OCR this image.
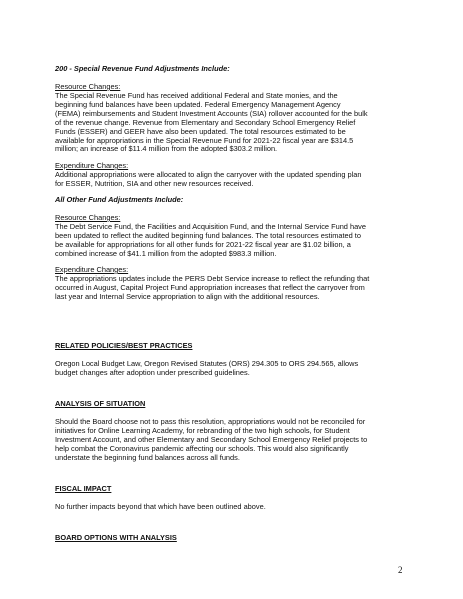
200 - Special Revenue Fund Adjustments Include:

Resource Changes:

The Special Revenue Fund has received additional Federal and State monies, and the
beginning fund balances have been updated. Federal Emergency Management Agency
(FEMA) reimbursements and Student Investment Accounts (SIA) rollover accounted for the bulk
of the revenue change. Revenue from Elementary and Secondary School Emergency Relief
Funds (ESSER) and GEER have also been updated. The total resources estimated to be
available for appropriations in the Special Revenue Fund for 2021-22 fiscal year are $314.5
million; an increase of $11.4 million from the adopted $303.2 million.

Expenditure Changes:

Additional appropriations were allocated to align the carryover with the updated spending plan
for ESSER, Nutrition, SIA and other new resources received.

All Other Fund Adjustments Include:

Resource Changes:

The Debt Service Fund, the Facilities and Acquisition Fund, and the Internal Service Fund have
been updated to reflect the audited beginning fund balances. The total resources estimated to
be available for appropriations for all other funds for 2021-22 fiscal year are $1.02 billion, a
combined increase of $41.1 million from the adopted $983.3 million.

Expenditure Changes:

The appropriations updates include the PERS Debt Service increase to reflect the refunding that
occurred in August, Capital Project Fund appropriation increases that reflect the carryover from
last year and Internal Service appropriation to align with the additional resources.

RELATED POLICIES/BEST PRACTICES

Oregon Local Budget Law, Oregon Revised Statutes (ORS) 294.305 to ORS 294.565, allows
budget changes after adoption under prescribed guidelines.

ANALYSIS OF SITUATION

Should the Board choose not to pass this resolution, appropriations would not be reconciled for
initiatives for Online Learning Academy, for rebranding of the two high schools, for Student
Investment Account, and other Elementary and Secondary School Emergency Relief projects to
help combat the Coronavirus pandemic affecting our schools. This would also significantly
understate the beginning fund balances across all funds.

FISCAL IMPACT

No further impacts beyond that which have been outlined above.

BOARD OPTIONS WITH ANALYSIS

2
